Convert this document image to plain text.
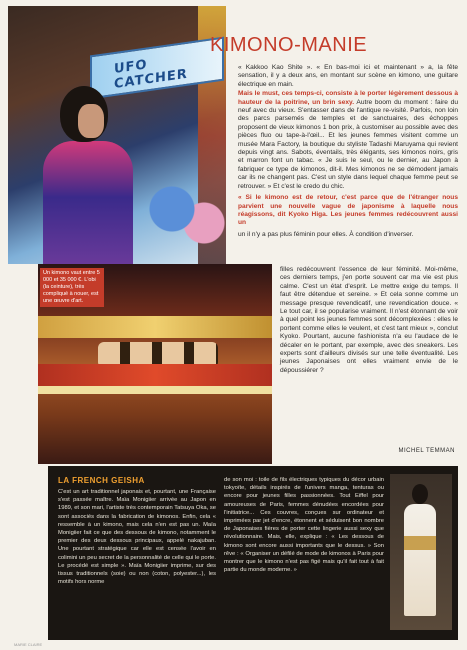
UFO CATCHER
Un kimono vaut entre 5 000 et 35 000 €. L'obi (la ceinture), très compliqué à nouer, est une œuvre d'art.
KIMONO-MANIE

« Kakkoo Kao Shite ». « En bas-moi ici et maintenant » a, la fête sensation, il y a deux ans, en montant sur scène en kimono, une guitare électrique en main.

Mais le must, ces temps-ci, consiste à le porter légèrement dessous à hauteur de la poitrine, un brin sexy. Autre boom du moment : faire du neuf avec du vieux. S'entasser dans de l'antique re-visité. Parfois, non loin des parcs parsemés de temples et de sanctuaires, des échoppes proposent de vieux kimonos 1 bon prix, à customiser au possible avec des pièces fluo ou tape-à-l'œil... Et les jeunes femmes visitent comme un musée Mara Factory, la boutique du styliste Tadashi Maruyama qui revient depuis vingt ans. Sabots, éventails, très élégants, ses kimonos noirs, gris et marron font un tabac. « Je suis le seul, ou le dernier, au Japon à fabriquer ce type de kimonos, dit-il. Mes kimonos ne se démodent jamais car ils ne changent pas. C'est un style dans lequel chaque femme peut se retrouver. » Et c'est le credo du chic.

« Si le kimono est de retour, c'est parce que de l'étranger nous parvient une nouvelle vague de japonisme à laquelle nous réagissons, dit Kyoko Higa. Les jeunes femmes redécouvrent aussi un

un il n'y a pas plus féminin pour elles. À condition d'inverser.

filles redécouvrent l'essence de leur féminité. Moi-même, ces derniers temps, j'en porte souvent car ma vie est plus calme. C'est un état d'esprit. Le mettre exige du temps. Il faut être détendue et sereine. » Et cela sonne comme un message presque revendicatif, une revendication douce. « Le tout car, il se popularise vraiment. Il n'est étonnant de voir à quel point les jeunes femmes sont décomplexées : elles le portent comme elles le veulent, et c'est tant mieux », conclut Kyoko. Pourtant, aucune fashionista n'a eu l'audace de le décaler en le portant, par exemple, avec des sneakers. Les experts sont d'ailleurs divisés sur une telle éventualité. Les jeunes Japonaises ont elles vraiment envie de le dépoussiérer ?

MICHEL TEMMAN
LA FRENCH GEISHA

C'est un art traditionnel japonais et, pourtant, une Française s'est passée maître. Maïa Monigiier arrivée au Japon en 1989, et son mari, l'artiste très contemporain Tatsuya Oka, se sont associés dans la fabrication de kimonos. Enfin, cela « ressemble à un kimono, mais cela n'en est pas un. Maïa Monigiier fait ce que des dessous de kimono, notamment le premier des deux dessous principaux, appelé nakajuban. Une pourtant stratégique car elle est censée l'avoir en colimini un peu secret de la personnalité de celle qui le porte. Le procédé est simple ». Maïa Monigiier imprime, sur des tissus traditionnels (soie) ou non (coton, polyester...), les motifs hors norme

de son moi : toile de fils électriques typiques du décor urbain tokyoïte, détails inspirés de l'univers manga, tenturas ou encore pour jeunes filles passionnées. Tout Eiffel pour amoureuses de Paris, femmes dénudées encordées pour l'initiatrice... Ces couvres, conçues sur ordinateur et imprimées par jet d'encre, étonnent et séduisent bon nombre de Japonaises fières de porter cette lingerie aussi sexy que révolutionnaire. Mais, elle, explique : « Les dessous de kimono sont encore aussi importants que le dessus. » Son rêve : « Organiser un défilé de mode de kimonos à Paris pour montrer que le kimono n'est pas figé mais qu'il fait tout à fait partie du monde moderne. »

MARIE CLAIRE
